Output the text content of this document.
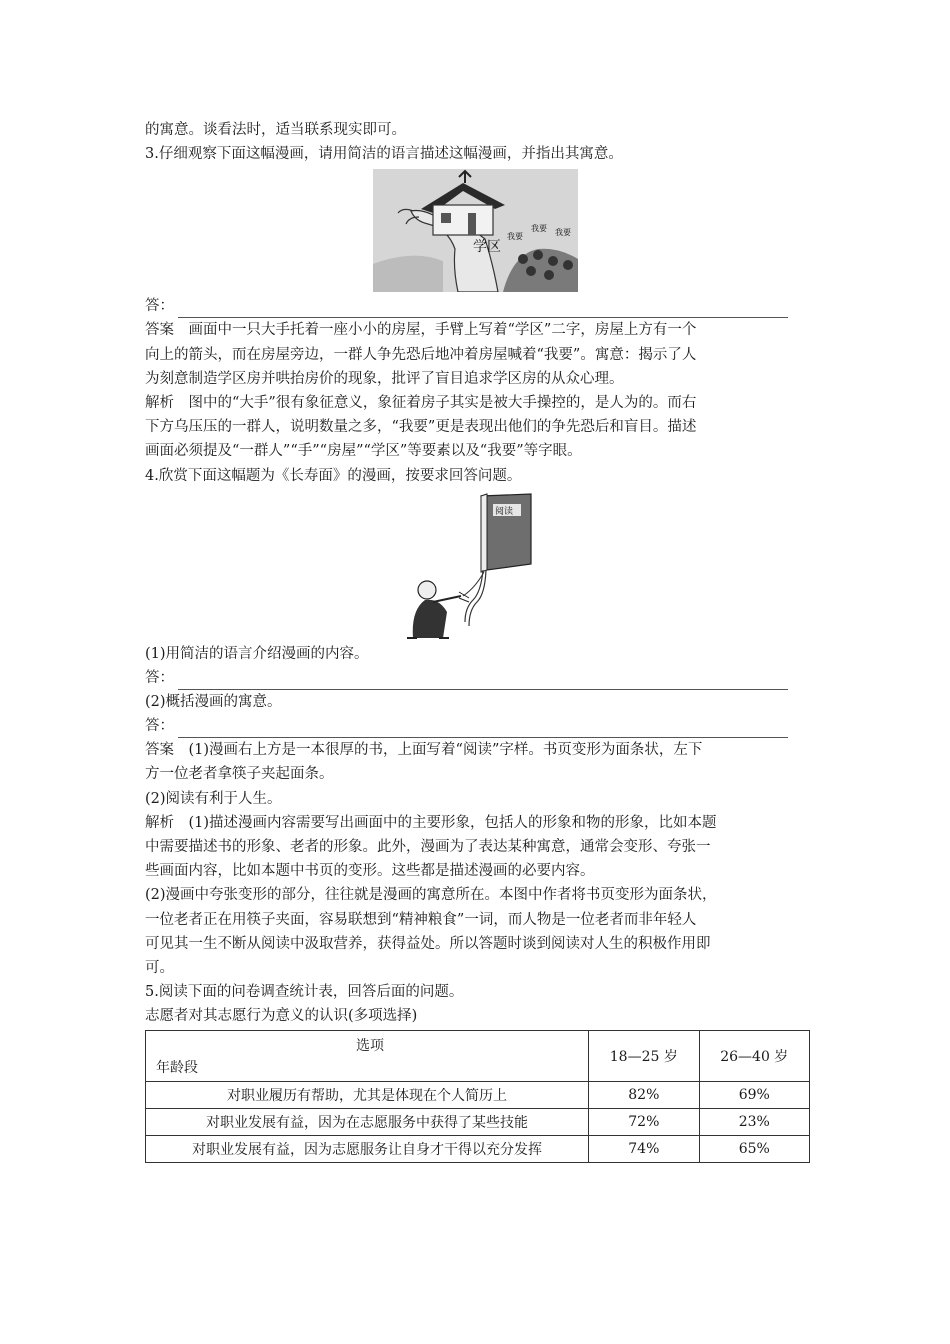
的寓意。谈看法时，适当联系现实即可。
3.仔细观察下面这幅漫画，请用简洁的语言描述这幅漫画，并指出其寓意。
学区
我要
我要 我要
答：
答案　画面中一只大手托着一座小小的房屋，手臂上写着“学区”二字，房屋上方有一个
向上的箭头，而在房屋旁边，一群人争先恐后地冲着房屋喊着“我要”。寓意：揭示了人
为刻意制造学区房并哄抬房价的现象，批评了盲目追求学区房的从众心理。
解析　图中的“大手”很有象征意义，象征着房子其实是被大手操控的，是人为的。而右
下方乌压压的一群人，说明数量之多，“我要”更是表现出他们的争先恐后和盲目。描述
画面必须提及“一群人”“手”“房屋”“学区”等要素以及“我要”等字眼。
4.欣赏下面这幅题为《长寿面》的漫画，按要求回答问题。
阅读
(1)用简洁的语言介绍漫画的内容。
答：
(2)概括漫画的寓意。
答：
答案　(1)漫画右上方是一本很厚的书，上面写着“阅读”字样。书页变形为面条状，左下
方一位老者拿筷子夹起面条。
(2)阅读有利于人生。
解析　(1)描述漫画内容需要写出画面中的主要形象，包括人的形象和物的形象，比如本题
中需要描述书的形象、老者的形象。此外，漫画为了表达某种寓意，通常会变形、夸张一
些画面内容，比如本题中书页的变形。这些都是描述漫画的必要内容。
(2)漫画中夸张变形的部分，往往就是漫画的寓意所在。本图中作者将书页变形为面条状，
一位老者正在用筷子夹面，容易联想到“精神粮食”一词，而人物是一位老者而非年轻人
可见其一生不断从阅读中汲取营养，获得益处。所以答题时谈到阅读对人生的积极作用即
可。
5.阅读下面的问卷调查统计表，回答后面的问题。
志愿者对其志愿行为意义的认识(多项选择)
选项
年龄段	18—25 岁	26—40 岁
对职业履历有帮助，尤其是体现在个人简历上	82%	69%
对职业发展有益，因为在志愿服务中获得了某些技能	72%	23%
对职业发展有益，因为志愿服务让自身才干得以充分发挥	74%	65%
